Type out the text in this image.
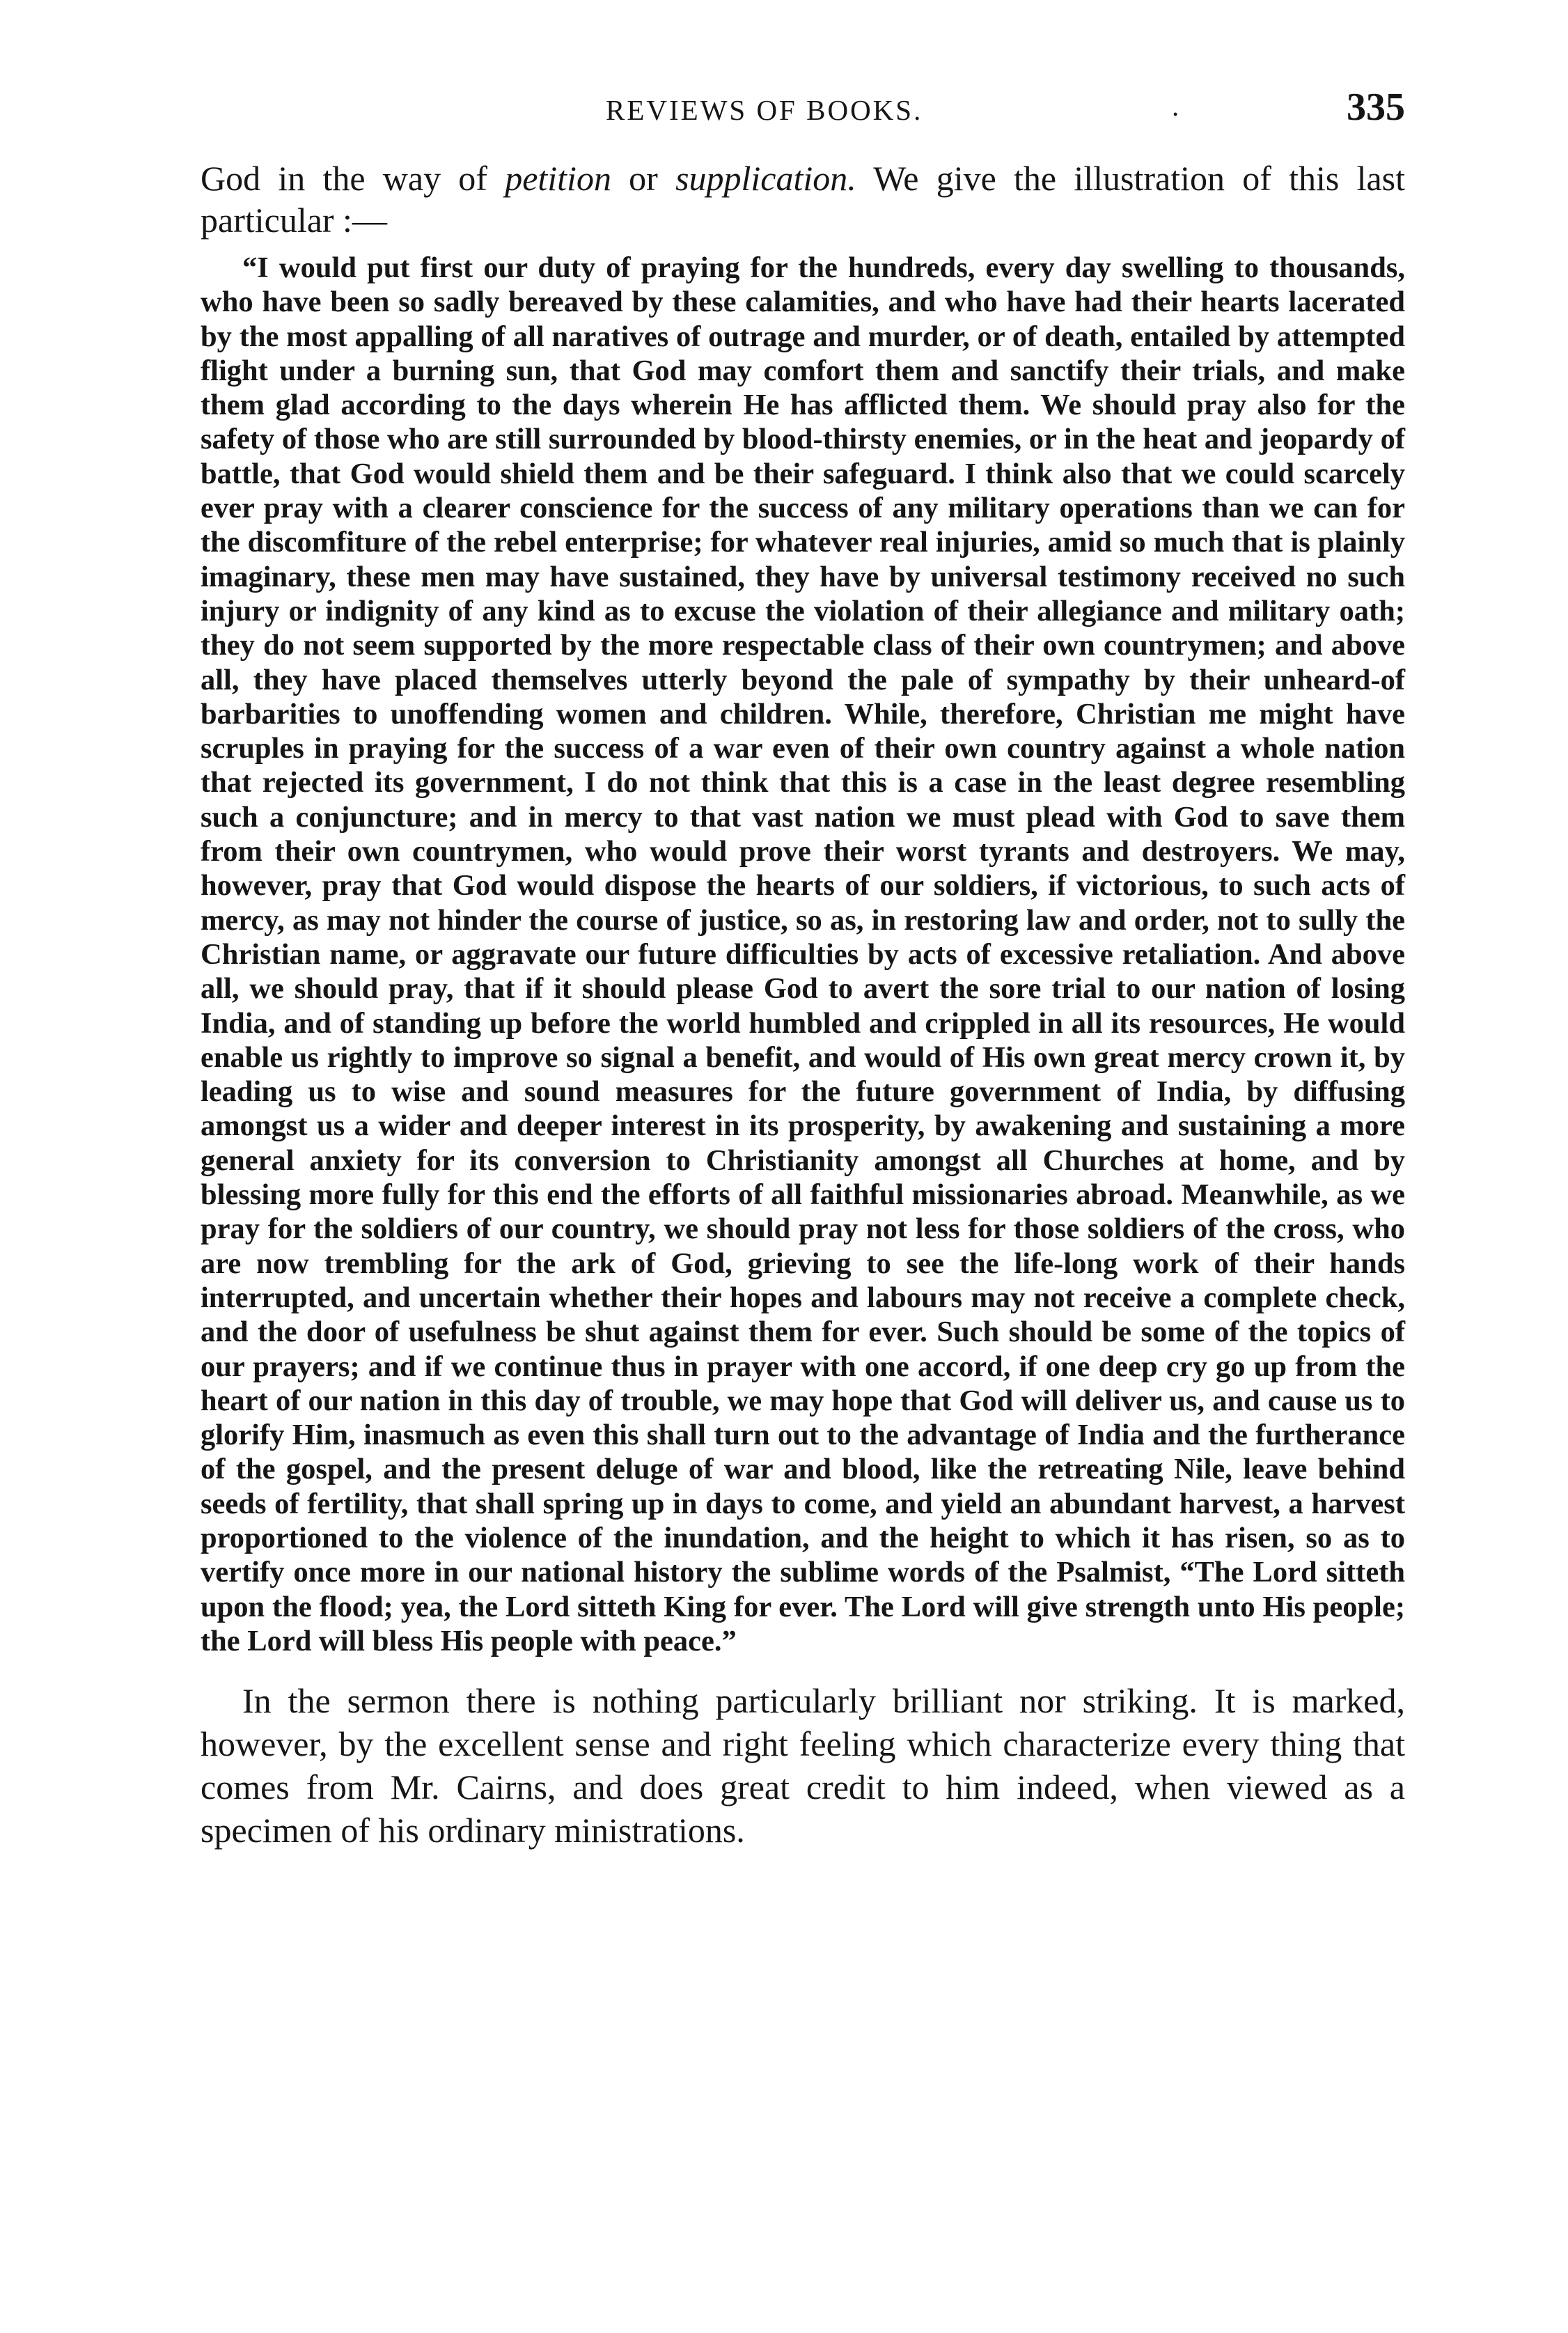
REVIEWS OF BOOKS.	.	335

God in the way of petition or supplication. We give the illustration of this last particular :—

“I would put first our duty of praying for the hundreds, every day swelling to thousands, who have been so sadly bereaved by these calamities, and who have had their hearts lacerated by the most appalling of all naratives of outrage and murder, or of death, entailed by attempted flight under a burning sun, that God may comfort them and sanctify their trials, and make them glad according to the days wherein He has afflicted them. We should pray also for the safety of those who are still surrounded by blood-thirsty enemies, or in the heat and jeopardy of battle, that God would shield them and be their safeguard. I think also that we could scarcely ever pray with a clearer conscience for the success of any military operations than we can for the discomfiture of the rebel enterprise; for whatever real injuries, amid so much that is plainly imaginary, these men may have sustained, they have by universal testimony received no such injury or indignity of any kind as to excuse the violation of their allegiance and military oath; they do not seem supported by the more respectable class of their own countrymen; and above all, they have placed themselves utterly beyond the pale of sympathy by their unheard-of barbarities to unoffending women and children. While, therefore, Christian me might have scruples in praying for the success of a war even of their own country against a whole nation that rejected its government, I do not think that this is a case in the least degree resembling such a conjuncture; and in mercy to that vast nation we must plead with God to save them from their own countrymen, who would prove their worst tyrants and destroyers. We may, however, pray that God would dispose the hearts of our soldiers, if victorious, to such acts of mercy, as may not hinder the course of justice, so as, in restoring law and order, not to sully the Christian name, or aggravate our future difficulties by acts of excessive retaliation. And above all, we should pray, that if it should please God to avert the sore trial to our nation of losing India, and of standing up before the world humbled and crippled in all its resources, He would enable us rightly to improve so signal a benefit, and would of His own great mercy crown it, by leading us to wise and sound measures for the future government of India, by diffusing amongst us a wider and deeper interest in its prosperity, by awakening and sustaining a more general anxiety for its conversion to Christianity amongst all Churches at home, and by blessing more fully for this end the efforts of all faithful missionaries abroad. Meanwhile, as we pray for the soldiers of our country, we should pray not less for those soldiers of the cross, who are now trembling for the ark of God, grieving to see the life-long work of their hands interrupted, and uncertain whether their hopes and labours may not receive a complete check, and the door of usefulness be shut against them for ever. Such should be some of the topics of our prayers; and if we continue thus in prayer with one accord, if one deep cry go up from the heart of our nation in this day of trouble, we may hope that God will deliver us, and cause us to glorify Him, inasmuch as even this shall turn out to the advantage of India and the furtherance of the gospel, and the present deluge of war and blood, like the retreating Nile, leave behind seeds of fertility, that shall spring up in days to come, and yield an abundant harvest, a harvest proportioned to the violence of the inundation, and the height to which it has risen, so as to vertify once more in our national history the sublime words of the Psalmist, “The Lord sitteth upon the flood; yea, the Lord sitteth King for ever. The Lord will give strength unto His people; the Lord will bless His people with peace.”

In the sermon there is nothing particularly brilliant nor striking. It is marked, however, by the excellent sense and right feeling which characterize every thing that comes from Mr. Cairns, and does great credit to him indeed, when viewed as a specimen of his ordinary ministrations.
